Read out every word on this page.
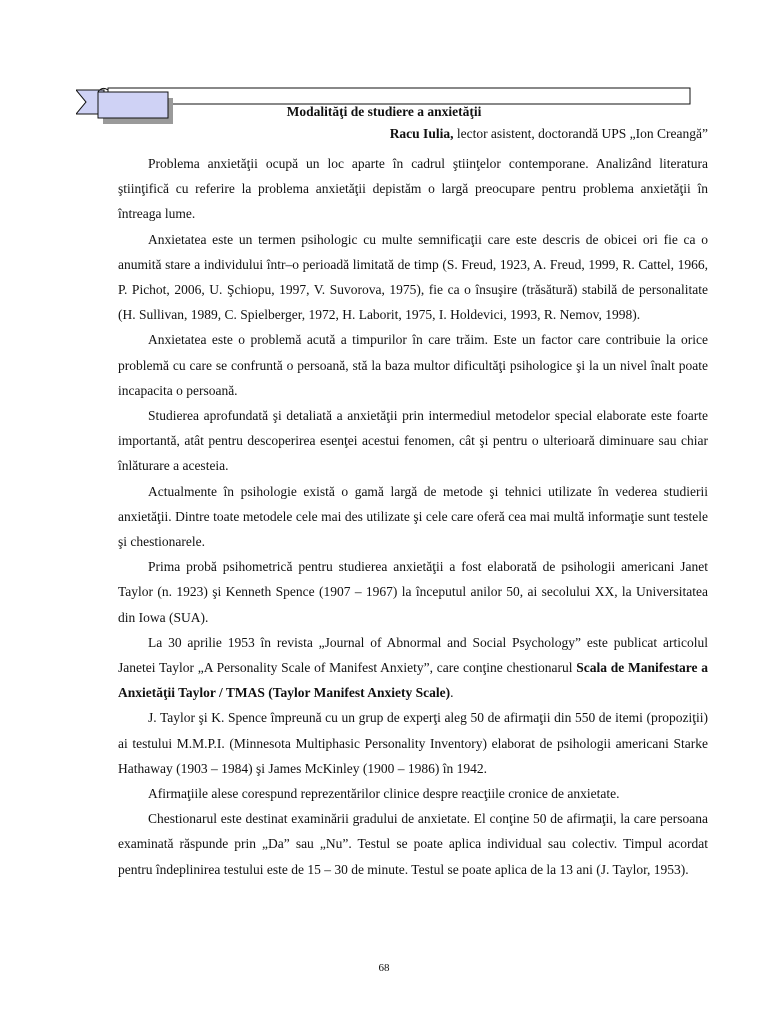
Modalităţi de studiere a anxietăţii
Racu Iulia, lector asistent, doctorandă UPS „Ion Creangă”

Problema anxietăţii ocupă un loc aparte în cadrul ştiinţelor contemporane. Analizând literatura ştiinţifică cu referire la problema anxietăţii depistăm o largă preocupare pentru problema anxietăţii în întreaga lume.

Anxietatea este un termen psihologic cu multe semnificaţii care este descris de obicei ori fie ca o anumită stare a individului într–o perioadă limitată de timp (S. Freud, 1923, A. Freud, 1999, R. Cattel, 1966, P. Pichot, 2006, U. Şchiopu, 1997, V. Suvorova, 1975), fie ca o însuşire (trăsătură) stabilă de personalitate (H. Sullivan, 1989, C. Spielberger, 1972, H. Laborit, 1975, I. Holdevici, 1993, R. Nemov, 1998).

Anxietatea este o problemă acută a timpurilor în care trăim. Este un factor care contribuie la orice problemă cu care se confruntă o persoană, stă la baza multor dificultăţi psihologice şi la un nivel înalt poate incapacita o persoană.

Studierea aprofundată şi detaliată a anxietăţii prin intermediul metodelor special elaborate este foarte importantă, atât pentru descoperirea esenţei acestui fenomen, cât şi pentru o ulterioară diminuare sau chiar înlăturare a acesteia.

Actualmente în psihologie există o gamă largă de metode şi tehnici utilizate în vederea studierii anxietăţii. Dintre toate metodele cele mai des utilizate şi cele care oferă cea mai multă informaţie sunt testele şi chestionarele.

Prima probă psihometrică pentru studierea anxietăţii a fost elaborată de psihologii americani Janet Taylor (n. 1923) şi Kenneth Spence (1907 – 1967) la începutul anilor 50, ai secolului XX, la Universitatea din Iowa (SUA).

La 30 aprilie 1953 în revista „Journal of Abnormal and Social Psychology” este publicat articolul Janetei Taylor „A Personality Scale of Manifest Anxiety”, care conţine chestionarul Scala de Manifestare a Anxietăţii Taylor / TMAS (Taylor Manifest Anxiety Scale).

J. Taylor şi K. Spence împreună cu un grup de experţi aleg 50 de afirmaţii din 550 de itemi (propoziţii) ai testului M.M.P.I. (Minnesota Multiphasic Personality Inventory) elaborat de psihologii americani Starke Hathaway (1903 – 1984) şi James McKinley (1900 – 1986) în 1942.

Afirmaţiile alese corespund reprezentărilor clinice despre reacţiile cronice de anxietate.

Chestionarul este destinat examinării gradului de anxietate. El conţine 50 de afirmaţii, la care persoana examinată răspunde prin „Da” sau „Nu”. Testul se poate aplica individual sau colectiv. Timpul acordat pentru îndeplinirea testului este de 15 – 30 de minute. Testul se poate aplica de la 13 ani (J. Taylor, 1953).

68
